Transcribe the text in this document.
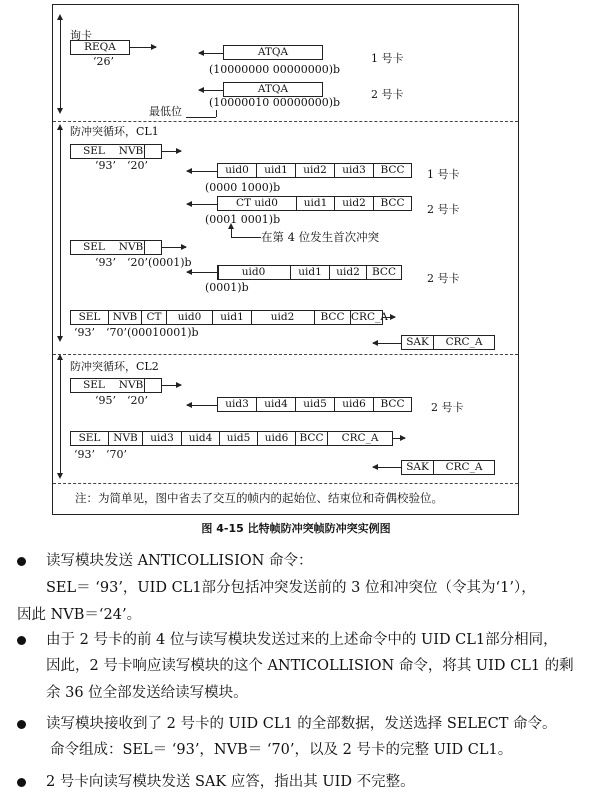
询卡
REQA
‘26’
ATQA
(10000000 00000000)b
1 号卡
ATQA
(10000010 00000000)b
2 号卡
最低位
防冲突循环，CL1
SEL	NVB
‘93’　‘20’	uid0	uid1	uid2	uid3	BCC
(0000 1000)b
1 号卡
CT uid0	uid1	uid2	BCC
(0001 0001)b
2 号卡
在第 4 位发生首次冲突
SEL	NVB
‘93’　‘20’(0001)b
uid0	uid1	uid2	BCC
(0001)b
2 号卡
SEL	NVB CT	uid0	uid1	uid2	BCC CRC_A
‘93’　‘70’(00010001)b
SAK	CRC_A
防冲突循环，CL2
SEL	NVB
‘95’　‘20’	uid3	uid4	uid5	uid6	BCC	2 号卡
SEL	NVB	uid3	uid4	uid5	uid6	BCC	CRC_A
‘93’　‘70’
SAK	CRC_A
注：为简单见，图中省去了交互的帧内的起始位、结束位和奇偶校验位。
图 4-15 比特帧防冲突帧防冲突实例图
读写模块发送 ANTICOLLISION 命令：
SEL＝ ‘93’，UID CL1部分包括冲突发送前的 3 位和冲突位（令其为‘1’），
因此 NVB＝‘24’。
由于 2 号卡的前 4 位与读写模块发送过来的上述命令中的 UID CL1部分相同，
因此，2 号卡响应读写模块的这个 ANTICOLLISION 命令，将其 UID CL1 的剩
余 36 位全部发送给读写模块。
读写模块接收到了 2 号卡的 UID CL1 的全部数据，发送选择 SELECT 命令。
命令组成：SEL＝ ‘93’，NVB＝ ‘70’，以及 2 号卡的完整 UID CL1。
2 号卡向读写模块发送 SAK 应答，指出其 UID 不完整。
